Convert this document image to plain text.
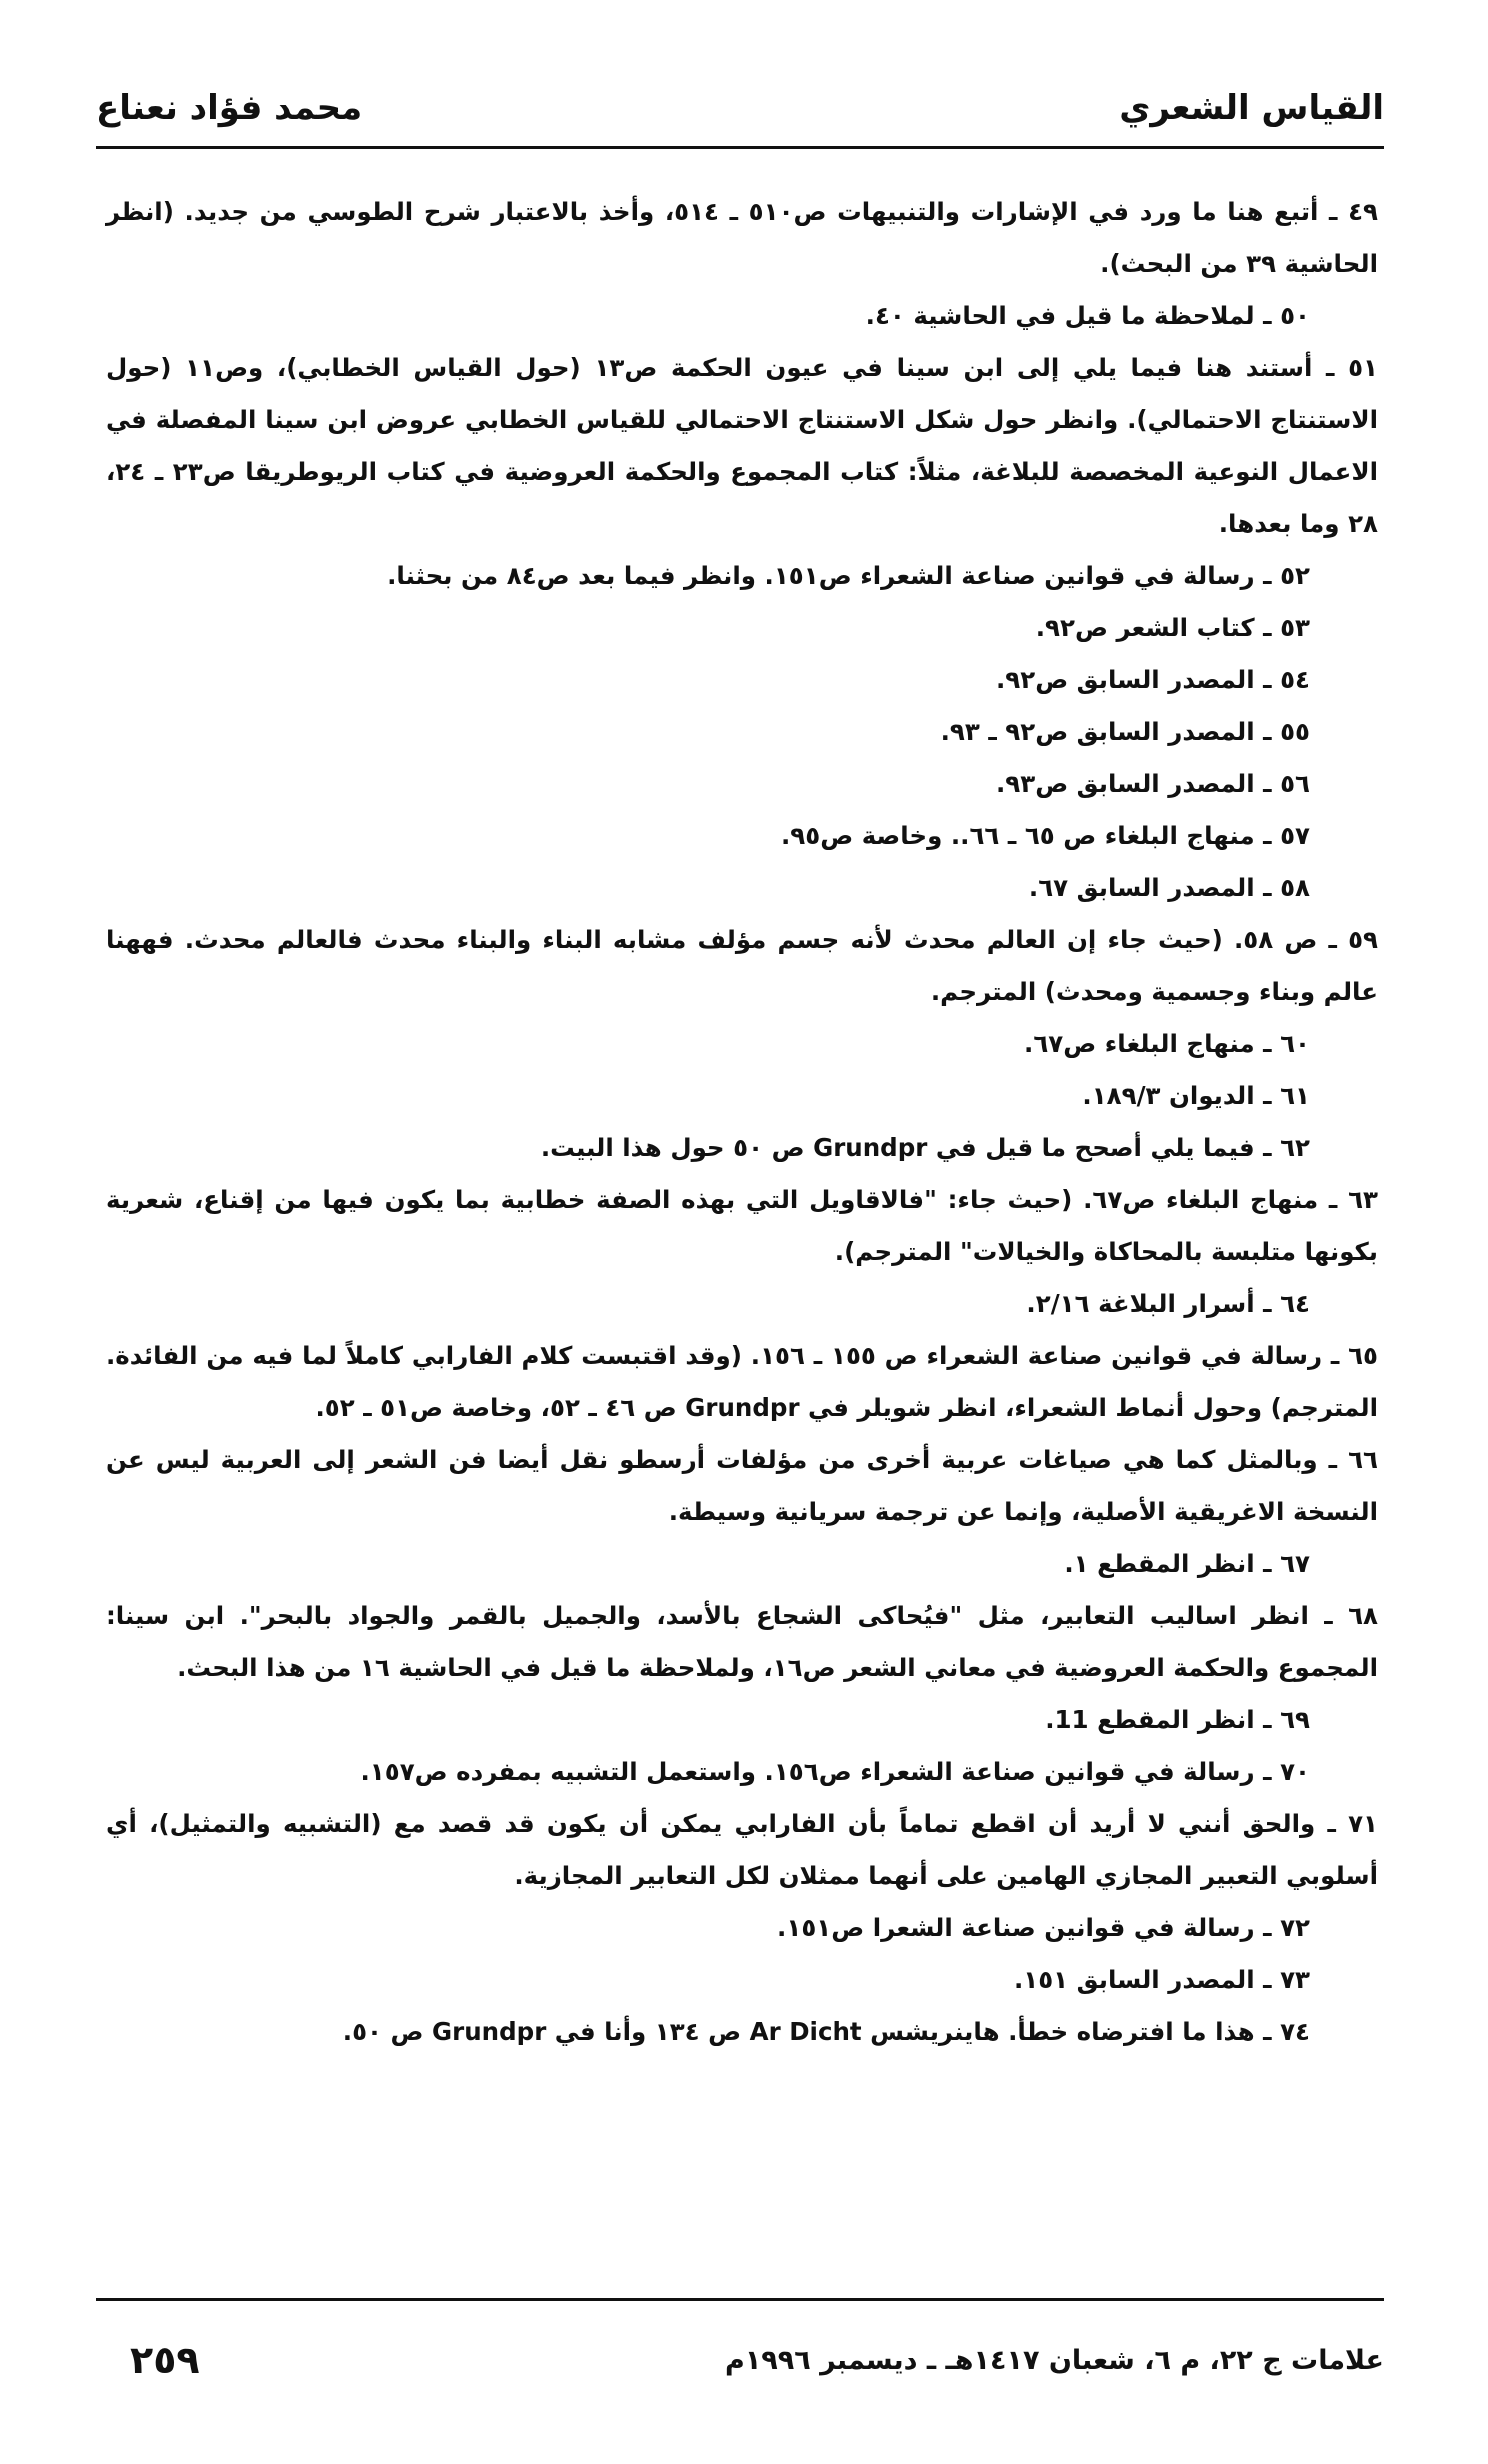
القياس الشعري
محمد فؤاد نعناع
٤٩ ـ أتبع هنا ما ورد في الإشارات والتنبيهات ص٥١٠ ـ ٥١٤، وأخذ بالاعتبار شرح الطوسي من جديد. (انظر الحاشية ٣٩ من البحث).
٥٠ ـ لملاحظة ما قيل في الحاشية ٤٠.
٥١ ـ أستند هنا فيما يلي إلى ابن سينا في عيون الحكمة ص١٣ (حول القياس الخطابي)، وص١١ (حول الاستنتاج الاحتمالي). وانظر حول شكل الاستنتاج الاحتمالي للقياس الخطابي عروض ابن سينا المفصلة في الاعمال النوعية المخصصة للبلاغة، مثلاً: كتاب المجموع والحكمة العروضية في كتاب الريوطريقا ص٢٣ ـ ٢٤، ٢٨ وما بعدها.
٥٢ ـ رسالة في قوانين صناعة الشعراء ص١٥١. وانظر فيما بعد ص٨٤ من بحثنا.
٥٣ ـ كتاب الشعر ص٩٢.
٥٤ ـ المصدر السابق ص٩٢.
٥٥ ـ المصدر السابق ص٩٢ ـ ٩٣.
٥٦ ـ المصدر السابق ص٩٣.
٥٧ ـ منهاج البلغاء ص ٦٥ ـ ٦٦.. وخاصة ص٩٥.
٥٨ ـ المصدر السابق ٦٧.
٥٩ ـ ص ٥٨. (حيث جاء إن العالم محدث لأنه جسم مؤلف مشابه البناء والبناء محدث فالعالم محدث. فههنا عالم وبناء وجسمية ومحدث) المترجم.
٦٠ ـ منهاج البلغاء ص٦٧.
٦١ ـ الديوان ١٨٩/٣.
٦٢ ـ فيما يلي أصحح ما قيل في Grundpr ص ٥٠ حول هذا البيت.
٦٣ ـ منهاج البلغاء ص٦٧. (حيث جاء: "فالاقاويل التي بهذه الصفة خطابية بما يكون فيها من إقناع، شعرية بكونها متلبسة بالمحاكاة والخيالات" المترجم).
٦٤ ـ أسرار البلاغة ٢/١٦.
٦٥ ـ رسالة في قوانين صناعة الشعراء ص ١٥٥ ـ ١٥٦. (وقد اقتبست كلام الفارابي كاملاً لما فيه من الفائدة. المترجم) وحول أنماط الشعراء، انظر شويلر في Grundpr ص ٤٦ ـ ٥٢، وخاصة ص٥١ ـ ٥٢.
٦٦ ـ وبالمثل كما هي صياغات عربية أخرى من مؤلفات أرسطو نقل أيضا فن الشعر إلى العربية ليس عن النسخة الاغريقية الأصلية، وإنما عن ترجمة سريانية وسيطة.
٦٧ ـ انظر المقطع ١.
٦٨ ـ انظر اساليب التعابير، مثل "فيُحاكى الشجاع بالأسد، والجميل بالقمر والجواد بالبحر". ابن سينا: المجموع والحكمة العروضية في معاني الشعر ص١٦، ولملاحظة ما قيل في الحاشية ١٦ من هذا البحث.
٦٩ ـ انظر المقطع 11.
٧٠ ـ رسالة في قوانين صناعة الشعراء ص١٥٦. واستعمل التشبيه بمفرده ص١٥٧.
٧١ ـ والحق أنني لا أريد أن اقطع تماماً بأن الفارابي يمكن أن يكون قد قصد مع (التشبيه والتمثيل)، أي أسلوبي التعبير المجازي الهامين على أنهما ممثلان لكل التعابير المجازية.
٧٢ ـ رسالة في قوانين صناعة الشعرا ص١٥١.
٧٣ ـ المصدر السابق ١٥١.
٧٤ ـ هذا ما افترضاه خطأ. هاينريشس Ar Dicht ص ١٣٤ وأنا في Grundpr ص ٥٠.
علامات ج ٢٢، م ٦، شعبان ١٤١٧هـ ـ ديسمبر ١٩٩٦م
٢٥٩
